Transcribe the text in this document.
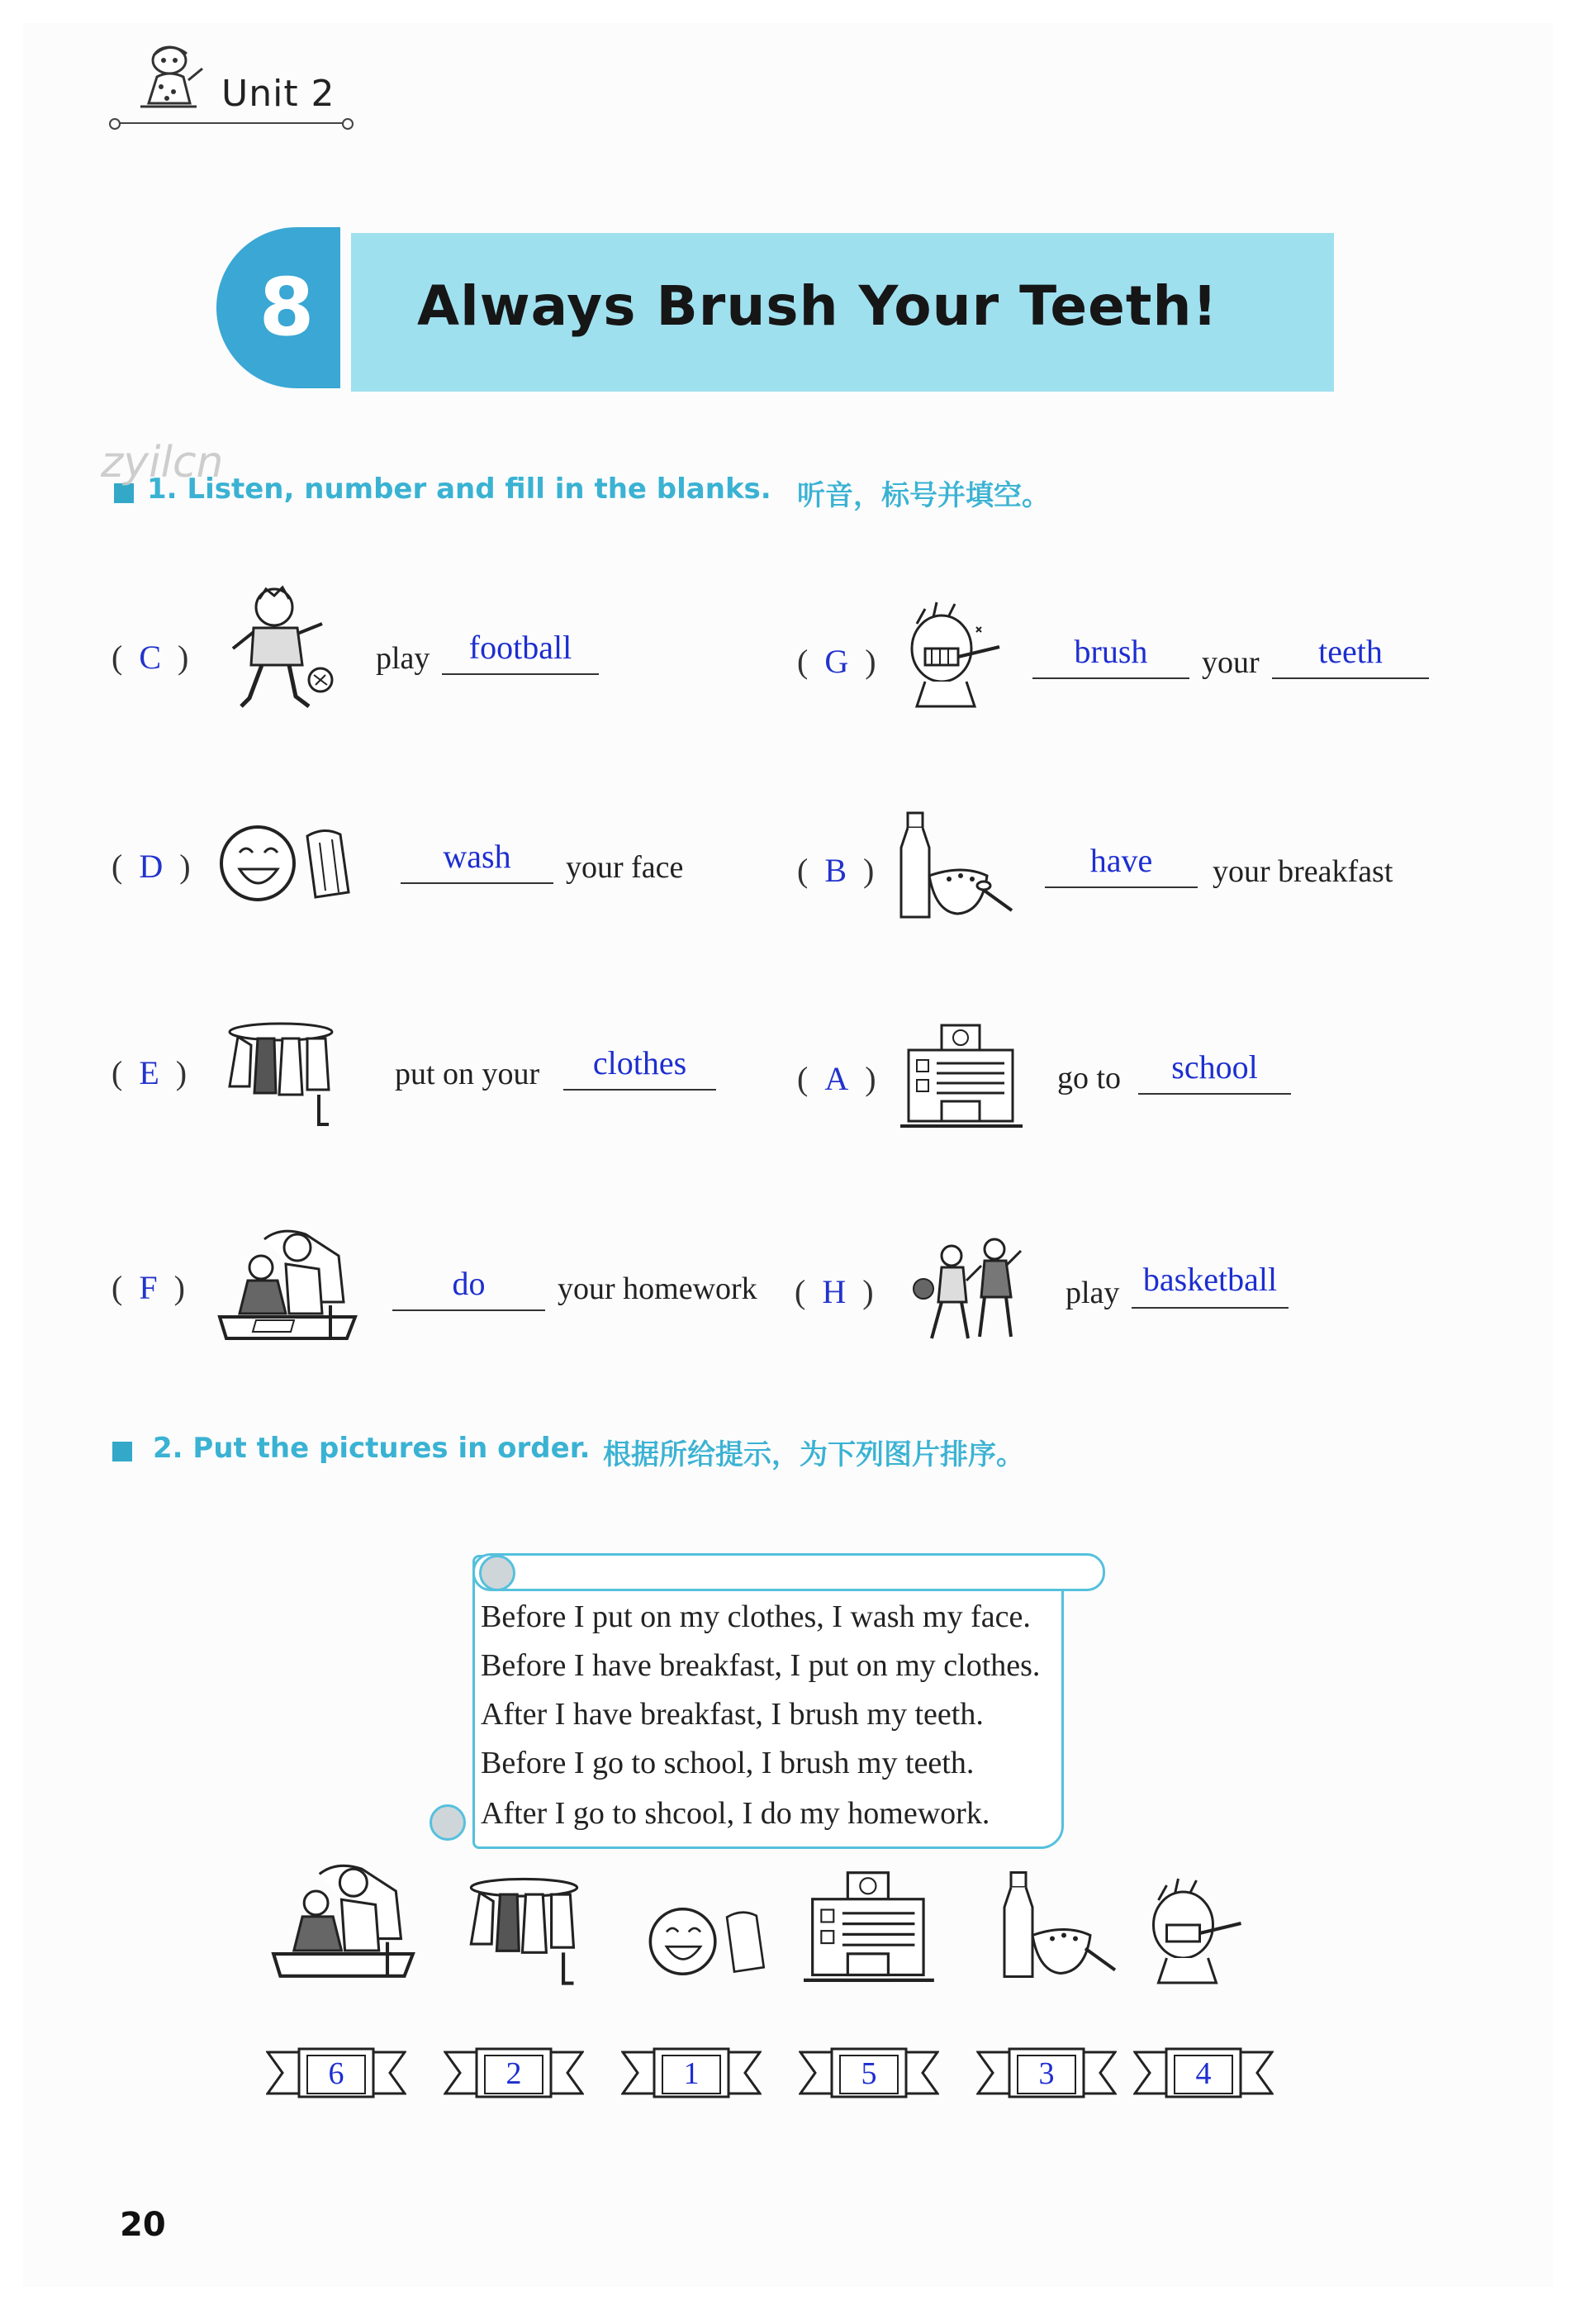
Unit 2
8	Always Brush Your Teeth!
1. Listen, number and fill in the blanks. 听音，标号并填空。
zyilcn
(  C  )	play	football	(  G  )	brush	your	teeth
(  D  )	wash	your face	(  B  )	have	your breakfast
(  E  )	put on your	clothes	(  A  )	go to	school
(  F  )	do	your homework (  H  )	play basketball
2. Put the pictures in order. 根据所给提示，为下列图片排序。
Before I put on my clothes, I wash my face.
Before I have breakfast, I put on my clothes.
After I have breakfast, I brush my teeth.
Before I go to school, I brush my teeth.
After I go to shcool, I do my homework.
6	2	1	5	3	4
20
